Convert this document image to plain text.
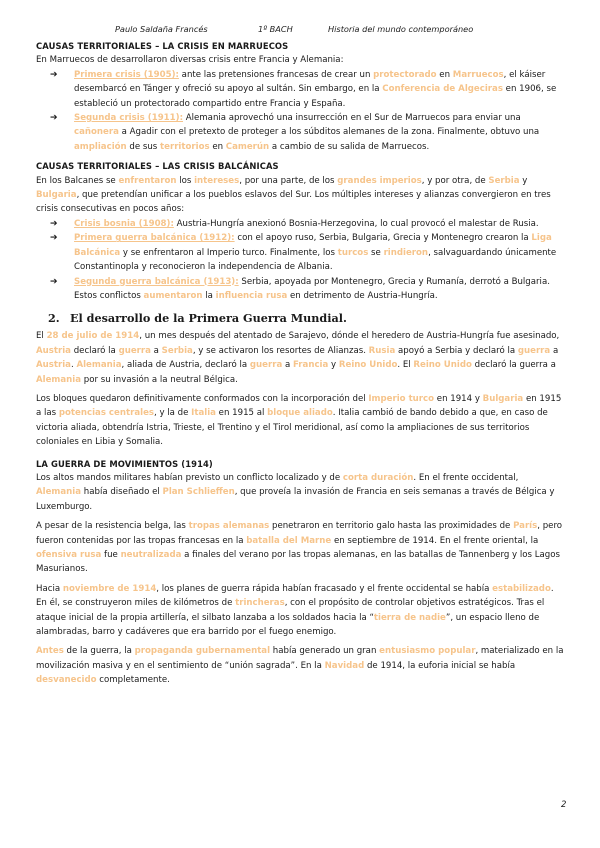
Paulo Saldaña Francés	1º BACH	Historia del mundo contemporáneo
CAUSAS TERRITORIALES – LA CRISIS EN MARRUECOS

En Marruecos de desarrollaron diversas crisis entre Francia y Alemania:

➔ Primera crisis (1905): ante las pretensiones francesas de crear un protectorado en Marruecos, el káiser desembarcó en Tánger y ofreció su apoyo al sultán. Sin embargo, en la Conferencia de Algeciras en 1906, se estableció un protectorado compartido entre Francia y España.
➔ Segunda crisis (1911): Alemania aprovechó una insurrección en el Sur de Marruecos para enviar una cañonera a Agadir con el pretexto de proteger a los súbditos alemanes de la zona. Finalmente, obtuvo una ampliación de sus territorios en Camerún a cambio de su salida de Marruecos.
CAUSAS TERRITORIALES – LAS CRISIS BALCÁNICAS

En los Balcanes se enfrentaron los intereses, por una parte, de los grandes imperios, y por otra, de Serbia y Bulgaria, que pretendían unificar a los pueblos eslavos del Sur. Los múltiples intereses y alianzas convergieron en tres crisis consecutivas en pocos años:

➔ Crisis bosnia (1908): Austria-Hungría anexionó Bosnia-Herzegovina, lo cual provocó el malestar de Rusia.
➔ Primera guerra balcánica (1912): con el apoyo ruso, Serbia, Bulgaria, Grecia y Montenegro crearon la Liga Balcánica y se enfrentaron al Imperio turco. Finalmente, los turcos se rindieron, salvaguardando únicamente Constantinopla y reconocieron la independencia de Albania.
➔ Segunda guerra balcánica (1913): Serbia, apoyada por Montenegro, Grecia y Rumanía, derrotó a Bulgaria. Estos conflictos aumentaron la influencia rusa en detrimento de Austria-Hungría.
2. El desarrollo de la Primera Guerra Mundial.

El 28 de julio de 1914, un mes después del atentado de Sarajevo, dónde el heredero de Austria-Hungría fue asesinado, Austria declaró la guerra a Serbia, y se activaron los resortes de Alianzas. Rusia apoyó a Serbia y declaró la guerra a Austria. Alemania, aliada de Austria, declaró la guerra a Francia y Reino Unido. El Reino Unido declaró la guerra a Alemania por su invasión a la neutral Bélgica.

Los bloques quedaron definitivamente conformados con la incorporación del Imperio turco en 1914 y Bulgaria en 1915 a las potencias centrales, y la de Italia en 1915 al bloque aliado. Italia cambió de bando debido a que, en caso de victoria aliada, obtendría Istria, Trieste, el Trentino y el Tirol meridional, así como la ampliaciones de sus territorios coloniales en Libia y Somalia.

LA GUERRA DE MOVIMIENTOS (1914)

Los altos mandos militares habían previsto un conflicto localizado y de corta duración. En el frente occidental, Alemania había diseñado el Plan Schlieffen, que proveía la invasión de Francia en seis semanas a través de Bélgica y Luxemburgo.

A pesar de la resistencia belga, las tropas alemanas penetraron en territorio galo hasta las proximidades de París, pero fueron contenidas por las tropas francesas en la batalla del Marne en septiembre de 1914. En el frente oriental, la ofensiva rusa fue neutralizada a finales del verano por las tropas alemanas, en las batallas de Tannenberg y los Lagos Masurianos.

Hacia noviembre de 1914, los planes de guerra rápida habían fracasado y el frente occidental se había estabilizado. En él, se construyeron miles de kilómetros de trincheras, con el propósito de controlar objetivos estratégicos. Tras el ataque inicial de la propia artillería, el silbato lanzaba a los soldados hacia la “tierra de nadie”, un espacio lleno de alambradas, barro y cadáveres que era barrido por el fuego enemigo.

Antes de la guerra, la propaganda gubernamental había generado un gran entusiasmo popular, materializado en la movilización masiva y en el sentimiento de “unión sagrada”. En la Navidad de 1914, la euforia inicial se había desvanecido completamente.

2
